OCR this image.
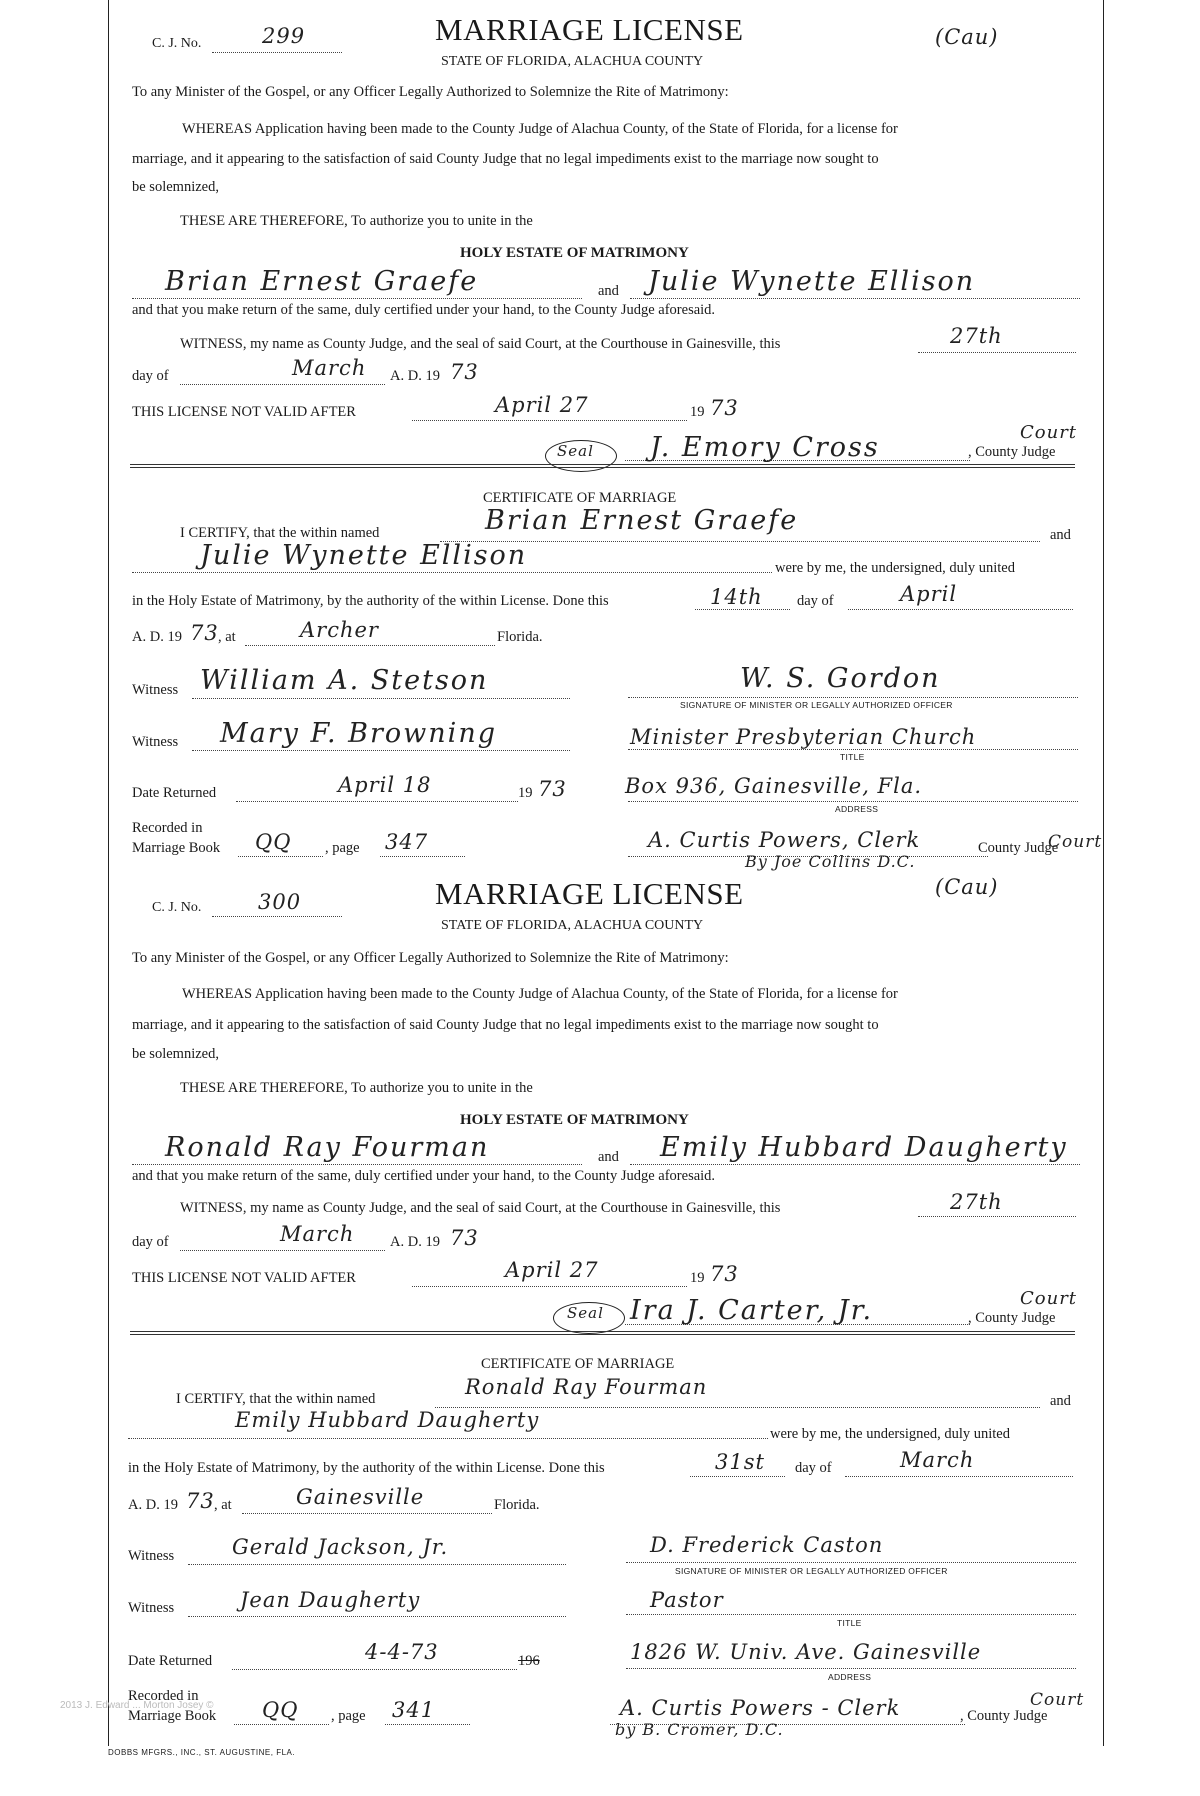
C. J. No.	299	MARRIAGE LICENSE
STATE OF FLORIDA, ALACHUA COUNTY
(Cau)
To any Minister of the Gospel, or any Officer Legally Authorized to Solemnize the Rite of Matrimony:
WHEREAS Application having been made to the County Judge of Alachua County, of the State of Florida, for a license for
marriage, and it appearing to the satisfaction of said County Judge that no legal impediments exist to the marriage now sought to
be solemnized,
THESE ARE THEREFORE, To authorize you to unite in the
HOLY ESTATE OF MATRIMONY
Brian Ernest Graefe	and Julie Wynette Ellison
and that you make return of the same, duly certified under your hand, to the County Judge aforesaid.
WITNESS, my name as County Judge, and the seal of said Court, at the Courthouse in Gainesville, this	27th
day of	March A. D. 19 73
THIS LICENSE NOT VALID AFTER	April 27	19 73
Seal J. Emory Cross	, County Judge
Court
CERTIFICATE OF MARRIAGE
I CERTIFY, that the within named	Brian Ernest Graefe	and
Julie Wynette Ellison	were by me, the undersigned, duly united
in the Holy Estate of Matrimony, by the authority of the within License. Done this	14th day of	April
A. D. 19 73 , at	Archer	Florida.
Witness William A. Stetson	W. S. Gordon
SIGNATURE OF MINISTER OR LEGALLY AUTHORIZED OFFICER
Witness Mary F. Browning	Minister Presbyterian Church
TITLE
Date Returned	April 18	19 73	Box 936, Gainesville, Fla.
ADDRESS
Recorded in
Marriage Book QQ , page 347	A. Curtis Powers, Clerk	County Judge
Court
By Joe Collins D.C.
C. J. No.	300	MARRIAGE LICENSE
STATE OF FLORIDA, ALACHUA COUNTY
(Cau)
To any Minister of the Gospel, or any Officer Legally Authorized to Solemnize the Rite of Matrimony:
WHEREAS Application having been made to the County Judge of Alachua County, of the State of Florida, for a license for
marriage, and it appearing to the satisfaction of said County Judge that no legal impediments exist to the marriage now sought to
be solemnized,
THESE ARE THEREFORE, To authorize you to unite in the
HOLY ESTATE OF MATRIMONY
Ronald Ray Fourman	and Emily Hubbard Daugherty
and that you make return of the same, duly certified under your hand, to the County Judge aforesaid.
WITNESS, my name as County Judge, and the seal of said Court, at the Courthouse in Gainesville, this	27th
day of	March A. D. 19 73
THIS LICENSE NOT VALID AFTER	April 27	19 73
Seal Ira J. Carter, Jr.	, County Judge
Court
CERTIFICATE OF MARRIAGE
I CERTIFY, that the within named	Ronald Ray Fourman
and
Emily Hubbard Daugherty
were by me, the undersigned, duly united
in the Holy Estate of Matrimony, by the authority of the within License. Done this	31st day of	March
A. D. 19 73 , at	Gainesville	Florida.
Witness	Gerald Jackson, Jr.	D. Frederick Caston
SIGNATURE OF MINISTER OR LEGALLY AUTHORIZED OFFICER
Witness	Jean Daugherty	Pastor
TITLE
Date Returned	4-4-73	196	1826 W. Univ. Ave. Gainesville
ADDRESS
Recorded in
Marriage Book QQ , page 341	A. Curtis Powers - Clerk	, County Judge
Court
by B. Cromer, D.C.
2013 J. Edward ... Morton Josey ©
DOBBS MFGRS., INC., ST. AUGUSTINE, FLA.
